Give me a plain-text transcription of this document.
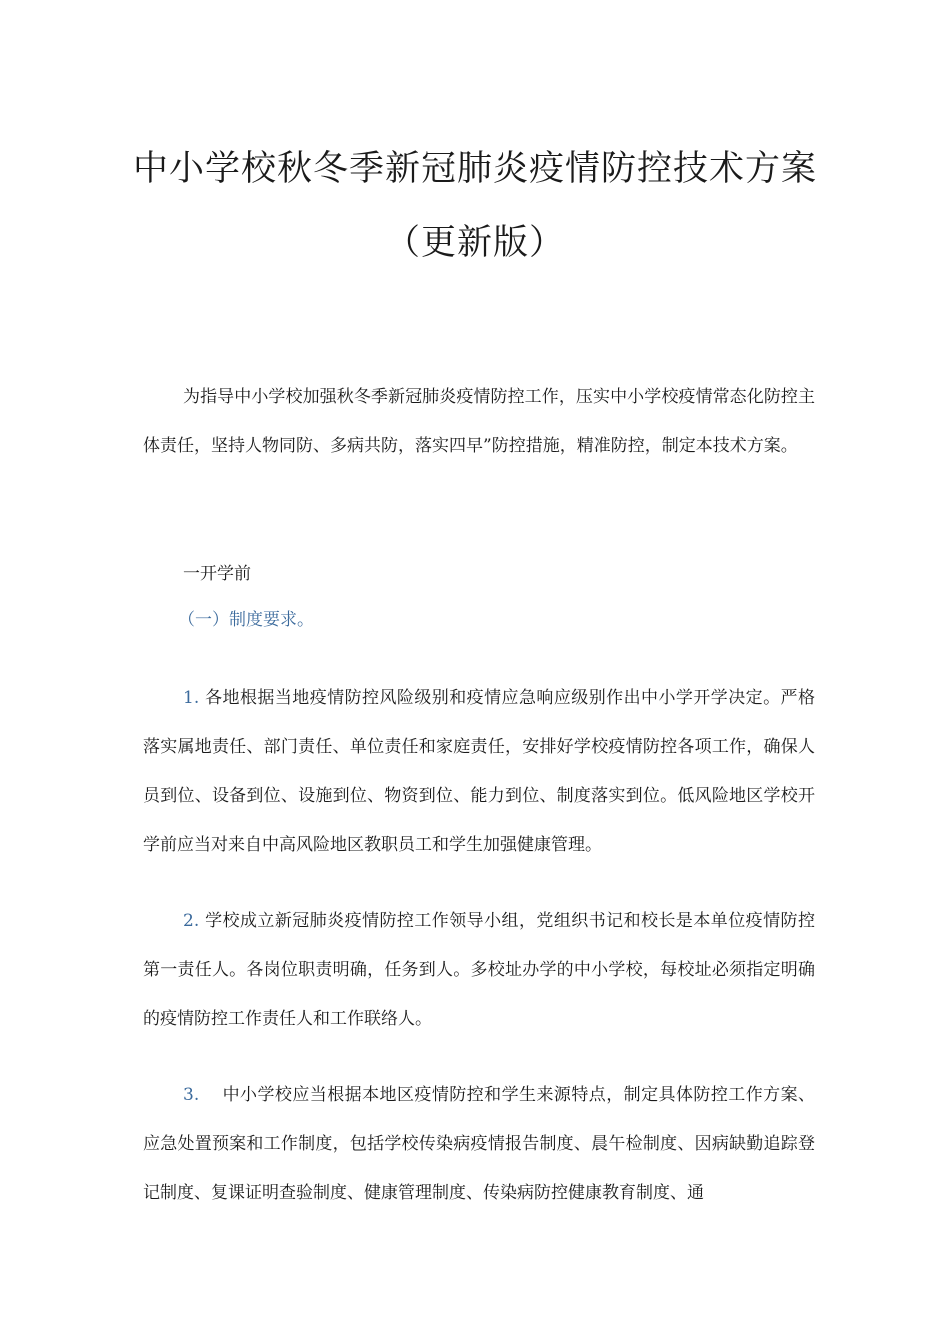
中小学校秋冬季新冠肺炎疫情防控技术方案
（更新版）

为指导中小学校加强秋冬季新冠肺炎疫情防控工作，压实中小学校疫情常态化防控主体责任，坚持人物同防、多病共防，落实四早”防控措施，精准防控，制定本技术方案。

一开学前

（一）制度要求。

1. 各地根据当地疫情防控风险级别和疫情应急响应级别作出中小学开学决定。严格落实属地责任、部门责任、单位责任和家庭责任，安排好学校疫情防控各项工作，确保人员到位、设备到位、设施到位、物资到位、能力到位、制度落实到位。低风险地区学校开学前应当对来自中高风险地区教职员工和学生加强健康管理。

2. 学校成立新冠肺炎疫情防控工作领导小组，党组织书记和校长是本单位疫情防控第一责任人。各岗位职责明确，任务到人。多校址办学的中小学校，每校址必须指定明确的疫情防控工作责任人和工作联络人。

3. 中小学校应当根据本地区疫情防控和学生来源特点，制定具体防控工作方案、应急处置预案和工作制度，包括学校传染病疫情报告制度、晨午检制度、因病缺勤追踪登记制度、复课证明查验制度、健康管理制度、传染病防控健康教育制度、通
